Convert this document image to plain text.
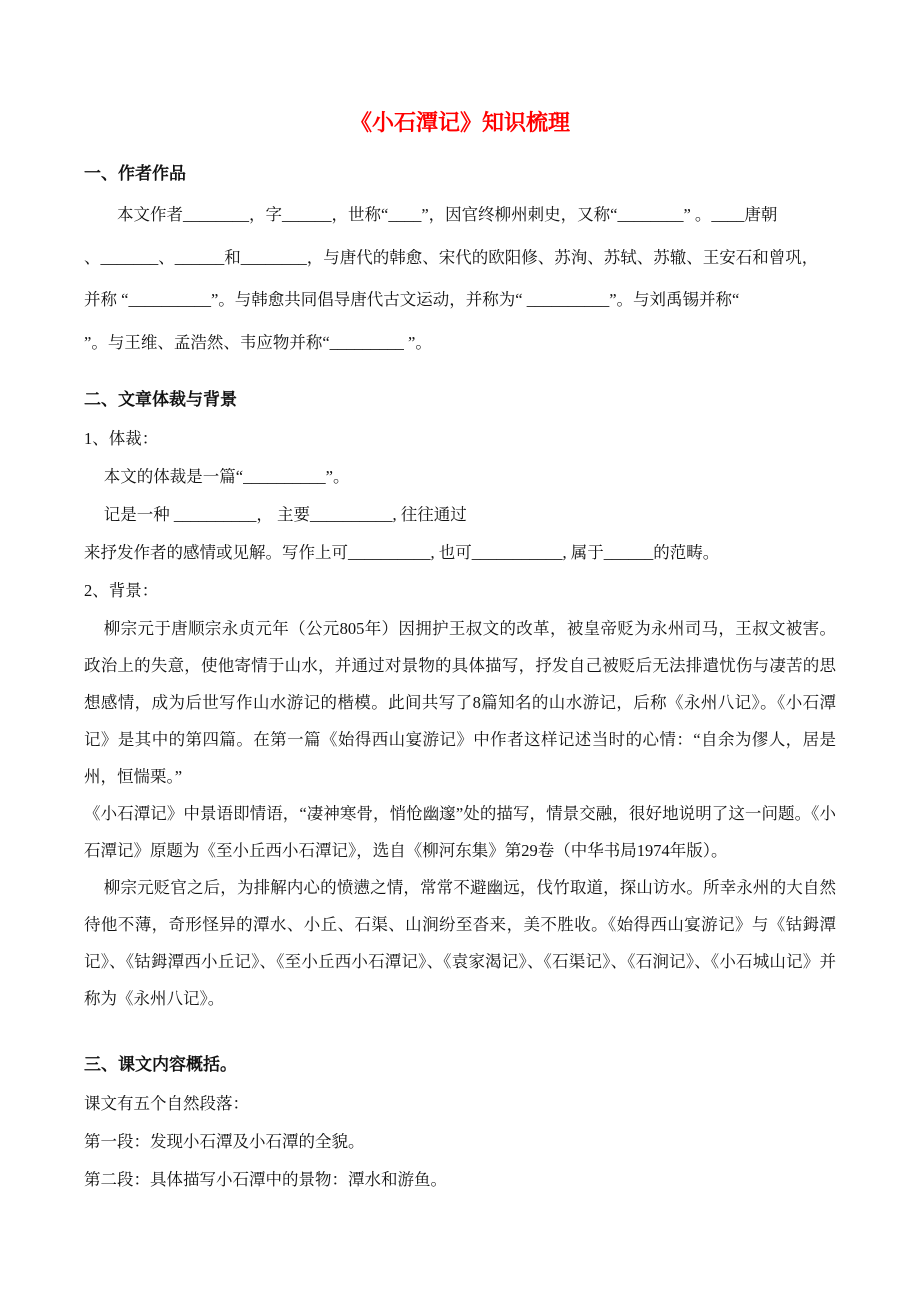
《小石潭记》知识梳理
一、作者作品
本文作者________，字______，世称“____”，因官终柳州刺史，又称“________” 。____唐朝
、_______、______和________，与唐代的韩愈、宋代的欧阳修、苏洵、苏轼、苏辙、王安石和曾巩，
并称 “__________”。与韩愈共同倡导唐代古文运动，并称为“ __________”。与刘禹锡并称“
”。与王维、孟浩然、韦应物并称“_________ ”。
二、文章体裁与背景
1、体裁：
本文的体裁是一篇“__________”。
记是一种 __________， 主要__________, 往往通过
来抒发作者的感情或见解。写作上可__________, 也可___________, 属于______的范畴。
2、背景：

柳宗元于唐顺宗永贞元年（公元805年）因拥护王叔文的改革，被皇帝贬为永州司马，王叔文被害。政治上的失意，使他寄情于山水，并通过对景物的具体描写，抒发自己被贬后无法排遣忧伤与凄苦的思想感情，成为后世写作山水游记的楷模。此间共写了8篇知名的山水游记，后称《永州八记》。《小石潭记》是其中的第四篇。在第一篇《始得西山宴游记》中作者这样记述当时的心情：“自余为僇人，居是州，恒惴栗。”

《小石潭记》中景语即情语，“凄神寒骨，悄怆幽邃”处的描写，情景交融，很好地说明了这一问题。《小石潭记》原题为《至小丘西小石潭记》，选自《柳河东集》第29卷（中华书局1974年版）。

柳宗元贬官之后，为排解内心的愤懑之情，常常不避幽远，伐竹取道，探山访水。所幸永州的大自然待他不薄，奇形怪异的潭水、小丘、石渠、山涧纷至沓来，美不胜收。《始得西山宴游记》与《钴鉧潭记》、《钴鉧潭西小丘记》、《至小丘西小石潭记》、《袁家渴记》、《石渠记》、《石涧记》、《小石城山记》并称为《永州八记》。

三、课文内容概括。
课文有五个自然段落：
第一段：发现小石潭及小石潭的全貌。
第二段：具体描写小石潭中的景物：潭水和游鱼。
